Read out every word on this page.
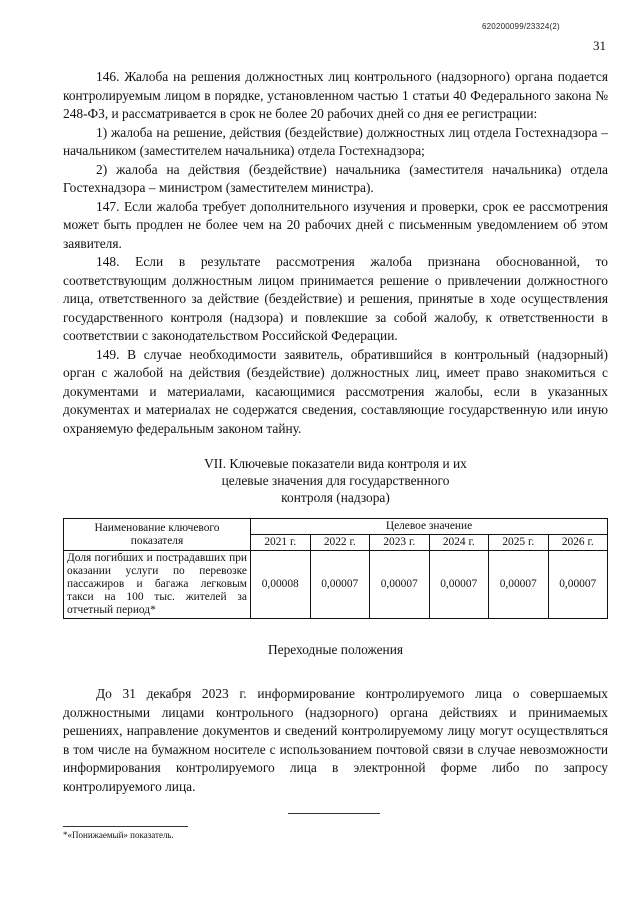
620200099/23324(2)
31

146. Жалоба на решения должностных лиц контрольного (надзорного) органа подается контролируемым лицом в порядке, установленном частью 1 статьи 40 Федерального закона № 248-ФЗ, и рассматривается в срок не более 20 рабочих дней со дня ее регистрации:

1) жалоба на решение, действия (бездействие) должностных лиц отдела Гостехнадзора – начальником (заместителем начальника) отдела Гостехнадзора;

2) жалоба на действия (бездействие) начальника (заместителя начальника) отдела Гостехнадзора – министром (заместителем министра).

147. Если жалоба требует дополнительного изучения и проверки, срок ее рассмотрения может быть продлен не более чем на 20 рабочих дней с письменным уведомлением об этом заявителя.

148. Если в результате рассмотрения жалоба признана обоснованной, то соответствующим должностным лицом принимается решение о привлечении должностного лица, ответственного за действие (бездействие) и решения, принятые в ходе осуществления государственного контроля (надзора) и повлекшие за собой жалобу, к ответственности в соответствии с законодательством Российской Федерации.

149. В случае необходимости заявитель, обратившийся в контрольный (надзорный) орган с жалобой на действия (бездействие) должностных лиц, имеет право знакомиться с документами и материалами, касающимися рассмотрения жалобы, если в указанных документах и материалах не содержатся сведения, составляющие государственную или иную охраняемую федеральным законом тайну.

VII. Ключевые показатели вида контроля и их

целевые значения для государственного

контроля (надзора)

Наименование ключевого показателя	Целевое значение					
	2021 г.	2022 г.	2023 г.	2024 г.	2025 г.	2026 г.
Доля погибших и пострадавших при оказании услуги по перевозке пассажиров и багажа легковым такси на 100 тыс. жителей за отчетный период*	0,00008	0,00007	0,00007	0,00007	0,00007	0,00007

Переходные положения

До 31 декабря 2023 г. информирование контролируемого лица о совершаемых должностными лицами контрольного (надзорного) органа действиях и принимаемых решениях, направление документов и сведений контролируемому лицу могут осуществляться в том числе на бумажном носителе с использованием почтовой связи в случае невозможности информирования контролируемого лица в электронной форме либо по запросу контролируемого лица.

*«Понижаемый» показатель.
